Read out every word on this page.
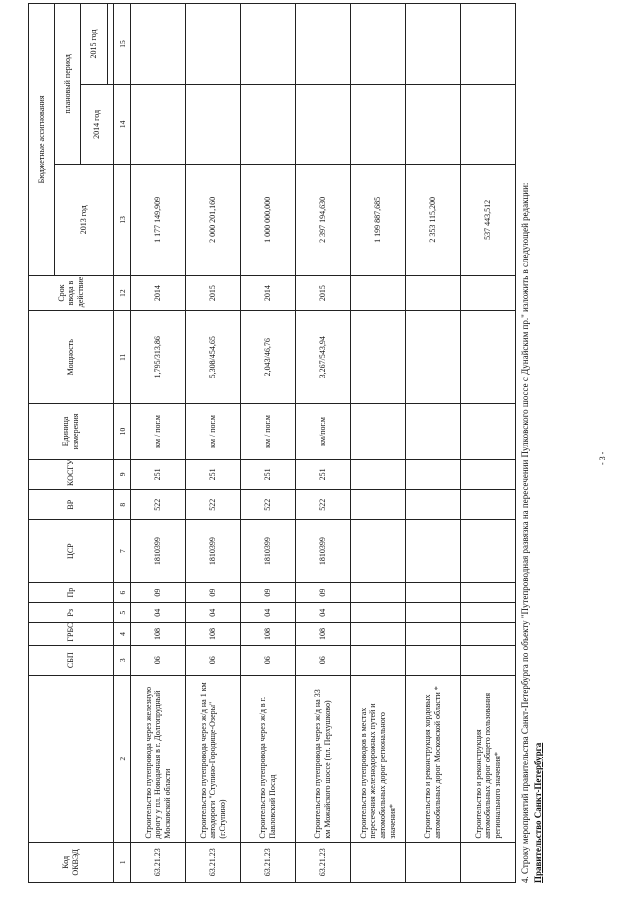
Код ОКВЭД		СБП	ГРБС	Рз	Пр	ЦСР	ВР	КОСГУ	Единица измерения	Мощность	Срок ввода в действие	Бюджетные ассигнования		
												2013 год	плановый период	
													2014 год	2015 год

1	2	3	4	5	6	7	8	9	10	11	12	13	14	15
63.21.23	Строительство путепровода через железную дорогу у пл. Новодачная в г. Долгопрудный Московской области	06	108	04	09	1810399	522	251	км / пог.м	1,795/313,86	2014	1 177 149,909		
63.21.23	Строительство путепровода через ж/д на 1 км автодороги "Ступино-Городище-Озеры" (г.Ступино)	06	108	04	09	1810399	522	251	км / пог.м	5,308/454,65	2015	2 000 201,160		
63.21.23	Строительство путепровода через ж/д в г. Павловский Посад	06	108	04	09	1810399	522	251	км / пог.м	2,043/46,76	2014	1 000 000,000		
63.21.23	Строительство путепровода через ж/д на 33 км Можайского шоссе (пл. Перхушково)	06	108	04	09	1810399	522	251	км/пог.м	3,267/543,94	2015	2 397 194,630		
	Строительство путепроводов в местах пересечения железнодорожных путей и автомобильных дорог регионального значения*											1 199 887,685		
	Строительство и реконструкция хордовых автомобильных дорог Московской области *											2 353 115,200		
	Строительство и реконструкция автомобильных дорог общего пользования регионального значения*											537 443,512			4. Строку мероприятий правительства Санкт-Петербурга по объекту "Путепроводная развязка на пересечении Пулковского шоссе с Дунайским пр." изложить в следующей редакции: Правительство Санкт-Петербурга
- 3 -
